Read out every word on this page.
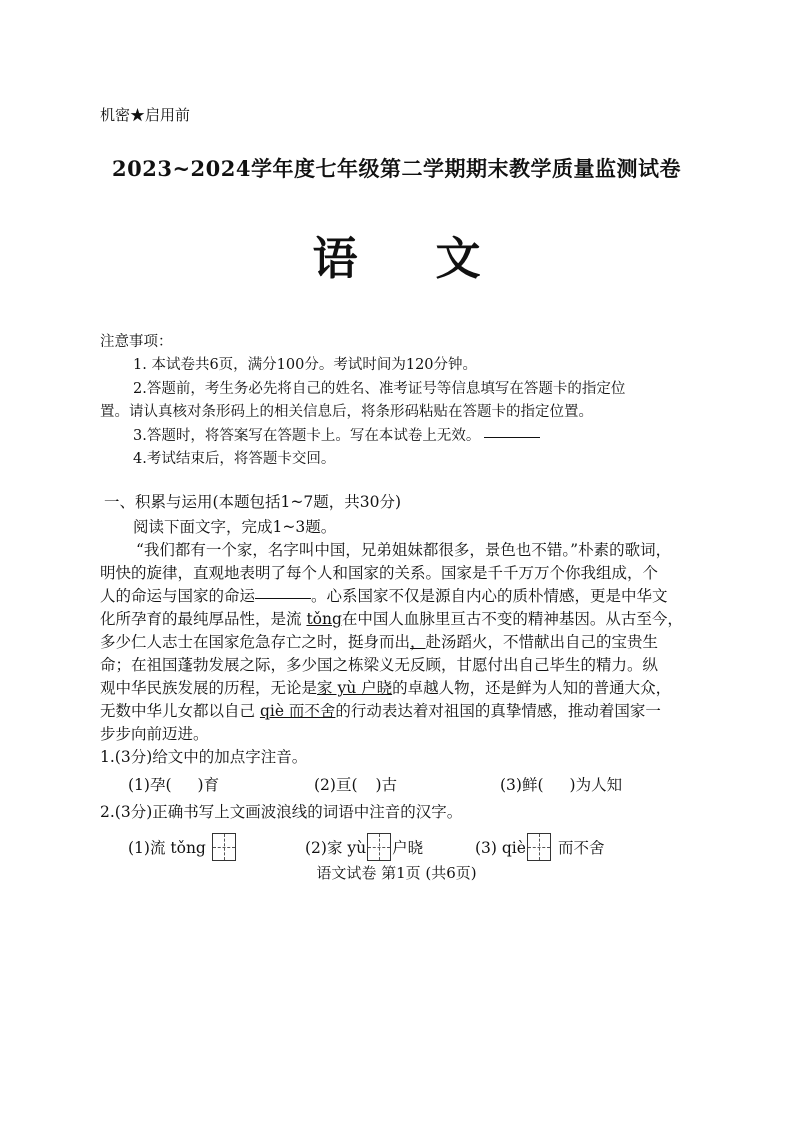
机密★启用前
2023~2024学年度七年级第二学期期末教学质量监测试卷
语文
注意事项：
1. 本试卷共6页，满分100分。考试时间为120分钟。
2.答题前，考生务必先将自己的姓名、准考证号等信息填写在答题卡的指定位
置。请认真核对条形码上的相关信息后，将条形码粘贴在答题卡的指定位置。
3.答题时，将答案写在答题卡上。写在本试卷上无效。
4.考试结束后，将答题卡交回。
一、积累与运用(本题包括1~7题，共30分)
阅读下面文字，完成1~3题。
“我们都有一个家，名字叫中国，兄弟姐妹都很多，景色也不错。”朴素的歌词，
明快的旋律，直观地表明了每个人和国家的关系。国家是千千万万个你我组成，个
人的命运与国家的命运	。心系国家不仅是源自内心的质朴情感，更是中华文
化所孕育的最纯厚品性，是流 tǒng在中国人血脉里亘古不变的精神基因。从古至今，
多少仁人志士在国家危急存亡之时，挺身而出，赴汤蹈火，不惜献出自己的宝贵生
命；在祖国蓬勃发展之际，多少国之栋梁义无反顾，甘愿付出自己毕生的精力。纵
观中华民族发展的历程，无论是家 yù 户晓的卓越人物，还是鲜为人知的普通大众，
无数中华儿女都以自己 qiè 而不舍的行动表达着对祖国的真挚情感，推动着国家一
步步向前迈进。
1.(3分)给文中的加点字注音。
(1)孕( )育	(2)亘( )古	(3)鲜( )为人知
2.(3分)正确书写上文画波浪线的词语中注音的汉字。
(1)流 tǒng	(2)家 yù 户晓	(3) qiè 而不舍
语文试卷 第1页 (共6页)
